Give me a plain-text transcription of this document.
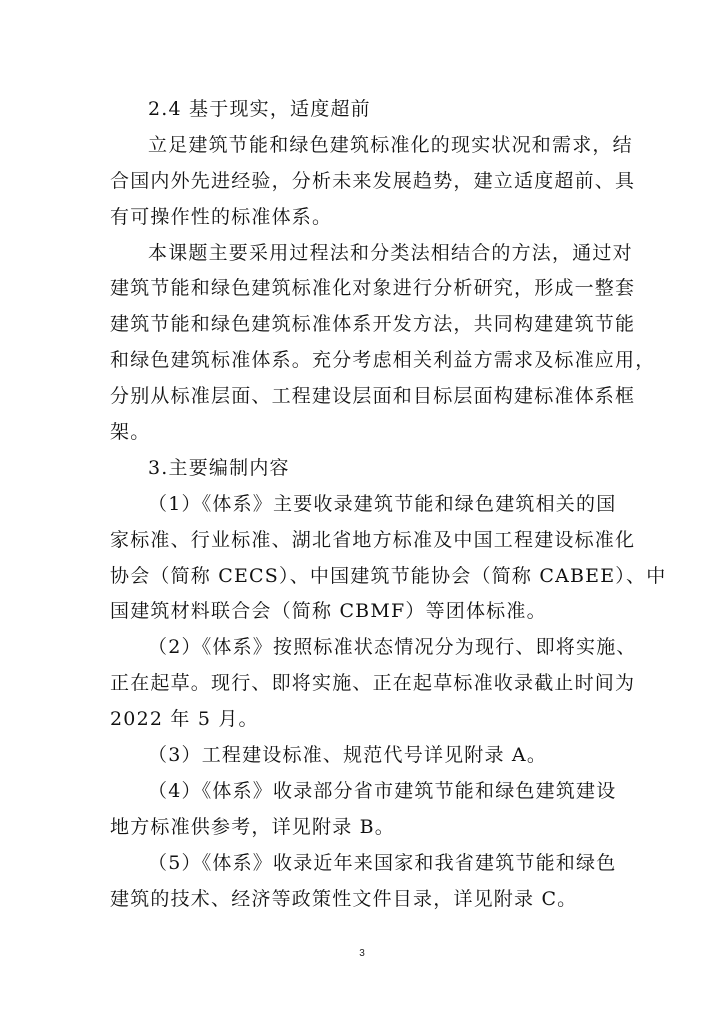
2.4 基于现实，适度超前
立足建筑节能和绿色建筑标准化的现实状况和需求，结
合国内外先进经验，分析未来发展趋势，建立适度超前、具
有可操作性的标准体系。
本课题主要采用过程法和分类法相结合的方法，通过对
建筑节能和绿色建筑标准化对象进行分析研究，形成一整套
建筑节能和绿色建筑标准体系开发方法，共同构建建筑节能
和绿色建筑标准体系。充分考虑相关利益方需求及标准应用，
分别从标准层面、工程建设层面和目标层面构建标准体系框
架。
3.主要编制内容
（1）《体系》主要收录建筑节能和绿色建筑相关的国
家标准、行业标准、湖北省地方标准及中国工程建设标准化
协会（简称 CECS）、中国建筑节能协会（简称 CABEE）、中
国建筑材料联合会（简称 CBMF）等团体标准。
（2）《体系》按照标准状态情况分为现行、即将实施、
正在起草。现行、即将实施、正在起草标准收录截止时间为
2022 年 5 月。
（3）工程建设标准、规范代号详见附录 A。
（4）《体系》收录部分省市建筑节能和绿色建筑建设
地方标准供参考，详见附录 B。
（5）《体系》收录近年来国家和我省建筑节能和绿色
建筑的技术、经济等政策性文件目录，详见附录 C。
3
